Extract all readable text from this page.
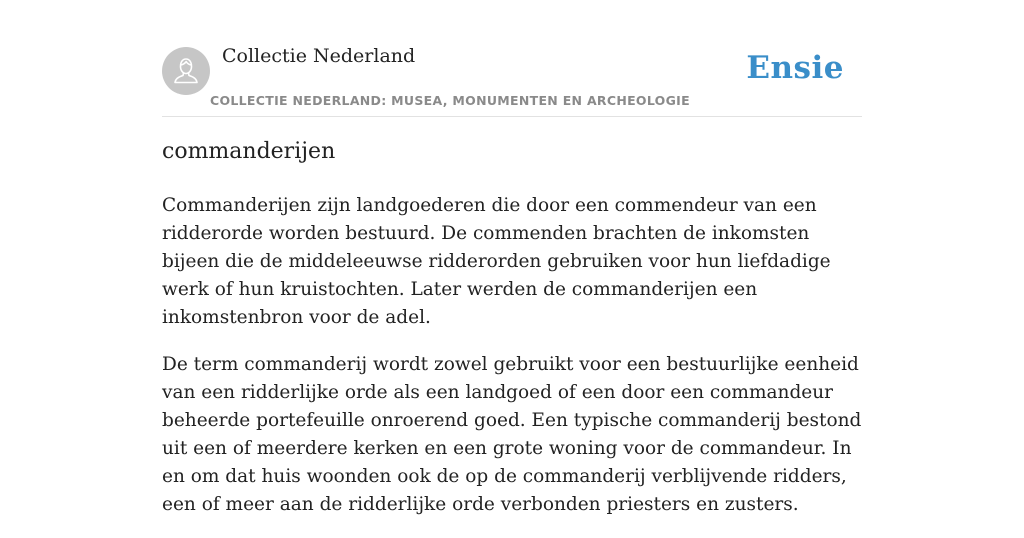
Collectie Nederland
COLLECTIE NEDERLAND: MUSEA, MONUMENTEN EN ARCHEOLOGIE
Ensie
commanderijen

Commanderijen zijn landgoederen die door een commendeur van een ridderorde worden bestuurd. De commenden brachten de inkomsten bijeen die de middeleeuwse ridderorden gebruiken voor hun liefdadige werk of hun kruistochten. Later werden de commanderijen een inkomstenbron voor de adel.

De term commanderij wordt zowel gebruikt voor een bestuurlijke eenheid van een ridderlijke orde als een landgoed of een door een commandeur beheerde portefeuille onroerend goed. Een typische commanderij bestond uit een of meerdere kerken en een grote woning voor de commandeur. In en om dat huis woonden ook de op de commanderij verblijvende ridders, een of meer aan de ridderlijke orde verbonden priesters en zusters.
